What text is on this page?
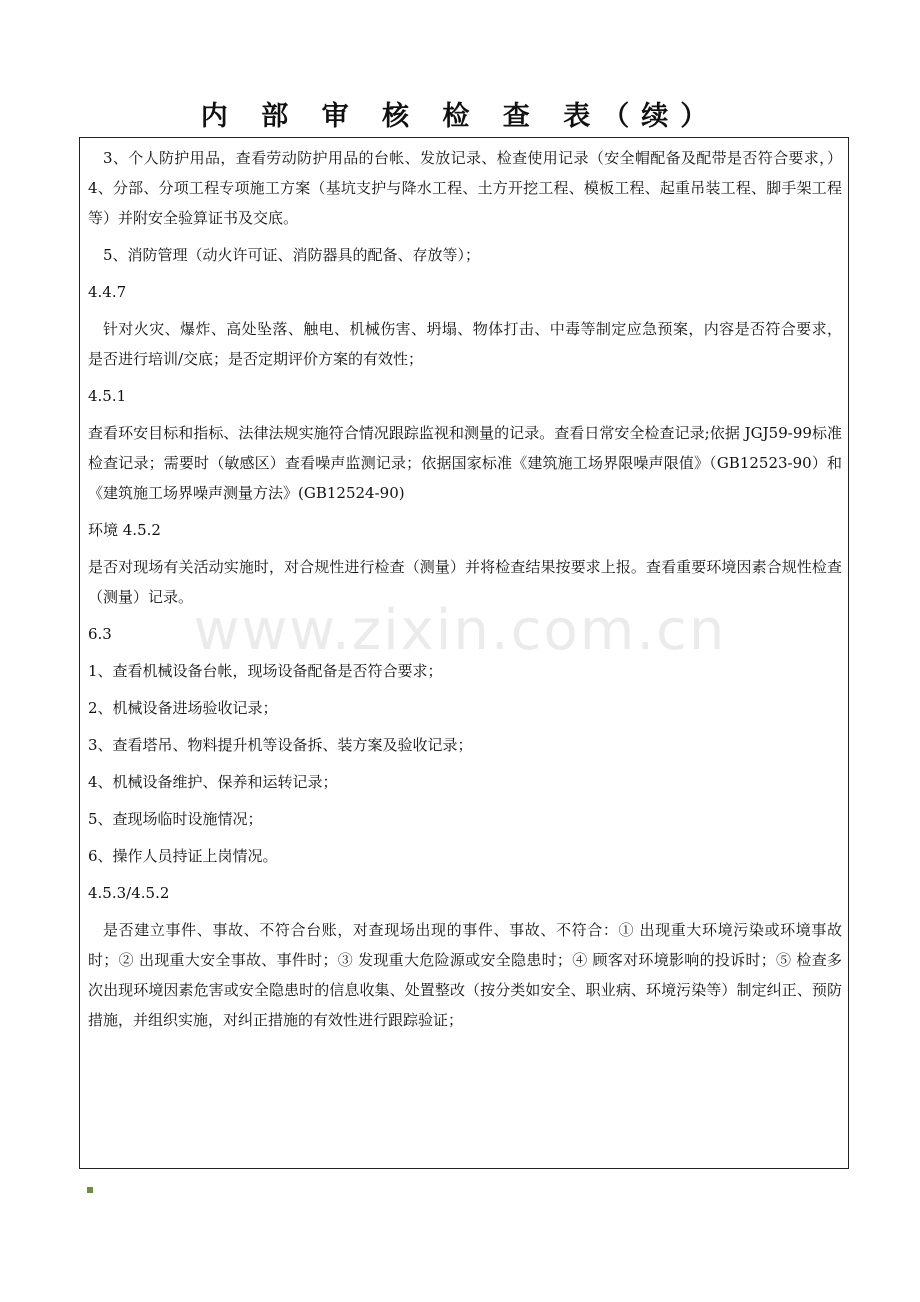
内 部 审 核 检 查 表（续）
www.zixin.com.cn

3、个人防护用品，查看劳动防护用品的台帐、发放记录、检查使用记录（安全帽配备及配带是否符合要求，）4、分部、分项工程专项施工方案（基坑支护与降水工程、土方开挖工程、模板工程、起重吊装工程、脚手架工程等）并附安全验算证书及交底。

5、消防管理（动火许可证、消防器具的配备、存放等）；

4.4.7

针对火灾、爆炸、高处坠落、触电、机械伤害、坍塌、物体打击、中毒等制定应急预案，内容是否符合要求， 是否进行培训/交底；是否定期评价方案的有效性；

4.5.1

查看环安目标和指标、法律法规实施符合情况跟踪监视和测量的记录。查看日常安全检查记录;依据 JGJ59-99标准检查记录；需要时（敏感区）查看噪声监测记录；依据国家标准《建筑施工场界限噪声限值》（GB12523-90）和《建筑施工场界噪声测量方法》(GB12524-90)

环境 4.5.2

是否对现场有关活动实施时，对合规性进行检查（测量）并将检查结果按要求上报。查看重要环境因素合规性检查（测量）记录。

6.3

1、查看机械设备台帐，现场设备配备是否符合要求；

2、机械设备进场验收记录；

3、查看塔吊、物料提升机等设备拆、装方案及验收记录；

4、机械设备维护、保养和运转记录；

5、查现场临时设施情况；

6、操作人员持证上岗情况。

4.5.3/4.5.2

是否建立事件、事故、不符合台账，对查现场出现的事件、事故、不符合：① 出现重大环境污染或环境事故时；② 出现重大安全事故、事件时；③ 发现重大危险源或安全隐患时；④ 顾客对环境影响的投诉时；⑤ 检查多次出现环境因素危害或安全隐患时的信息收集、处置整改（按分类如安全、职业病、环境污染等）制定纠正、预防措施，并组织实施，对纠正措施的有效性进行跟踪验证；
